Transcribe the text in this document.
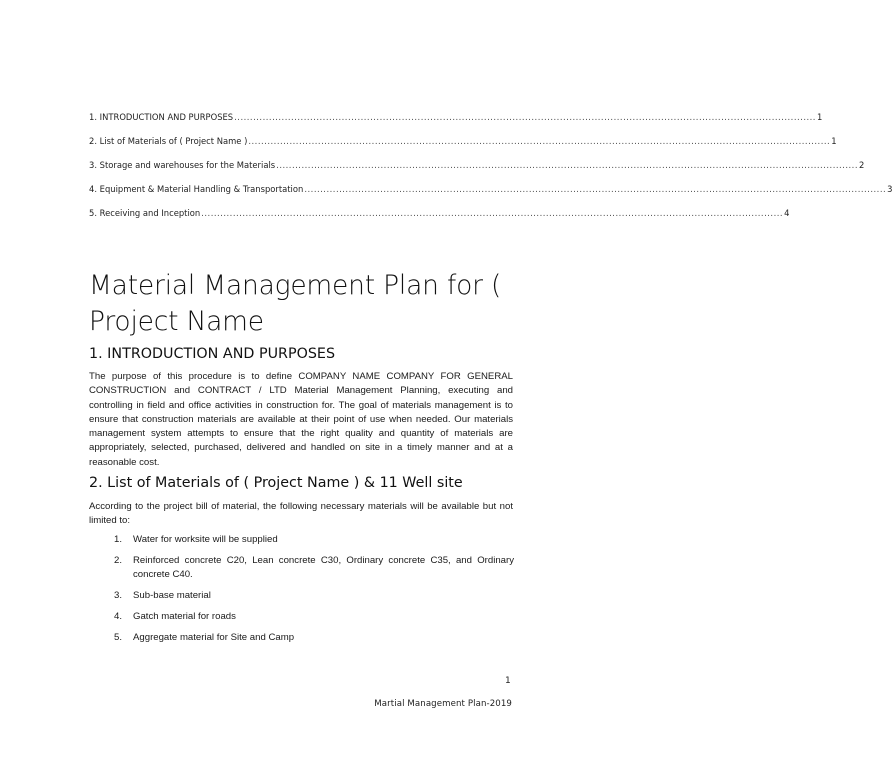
1. INTRODUCTION AND PURPOSES ........................................................................................................................................................................................ 1
2. List of Materials of ( Project Name ) ........................................................................................................................................................................................ 1
3. Storage and warehouses for the Materials ........................................................................................................................................................................................ 2
4. Equipment & Material Handling & Transportation ........................................................................................................................................................................................ 3
5. Receiving and Inception ........................................................................................................................................................................................ 4
Material Management Plan for ( Project Name
1. INTRODUCTION AND PURPOSES

The purpose of this procedure is to define COMPANY NAME COMPANY FOR GENERAL CONSTRUCTION and CONTRACT / LTD Material Management Planning, executing and controlling in field and office activities in construction for. The goal of materials management is to ensure that construction materials are available at their point of use when needed. Our materials management system attempts to ensure that the right quality and quantity of materials are appropriately, selected, purchased, delivered and handled on site in a timely manner and at a reasonable cost.

2. List of Materials of ( Project Name ) & 11 Well site

According to the project bill of material, the following necessary materials will be available but not limited to:

1.	Water for worksite will be supplied
2.	Reinforced concrete C20, Lean concrete C30, Ordinary concrete C35, and Ordinary concrete C40.
3.	Sub-base material
4.	Gatch material for roads
5.	Aggregate material for Site and Camp
1
Martial Management Plan-2019
